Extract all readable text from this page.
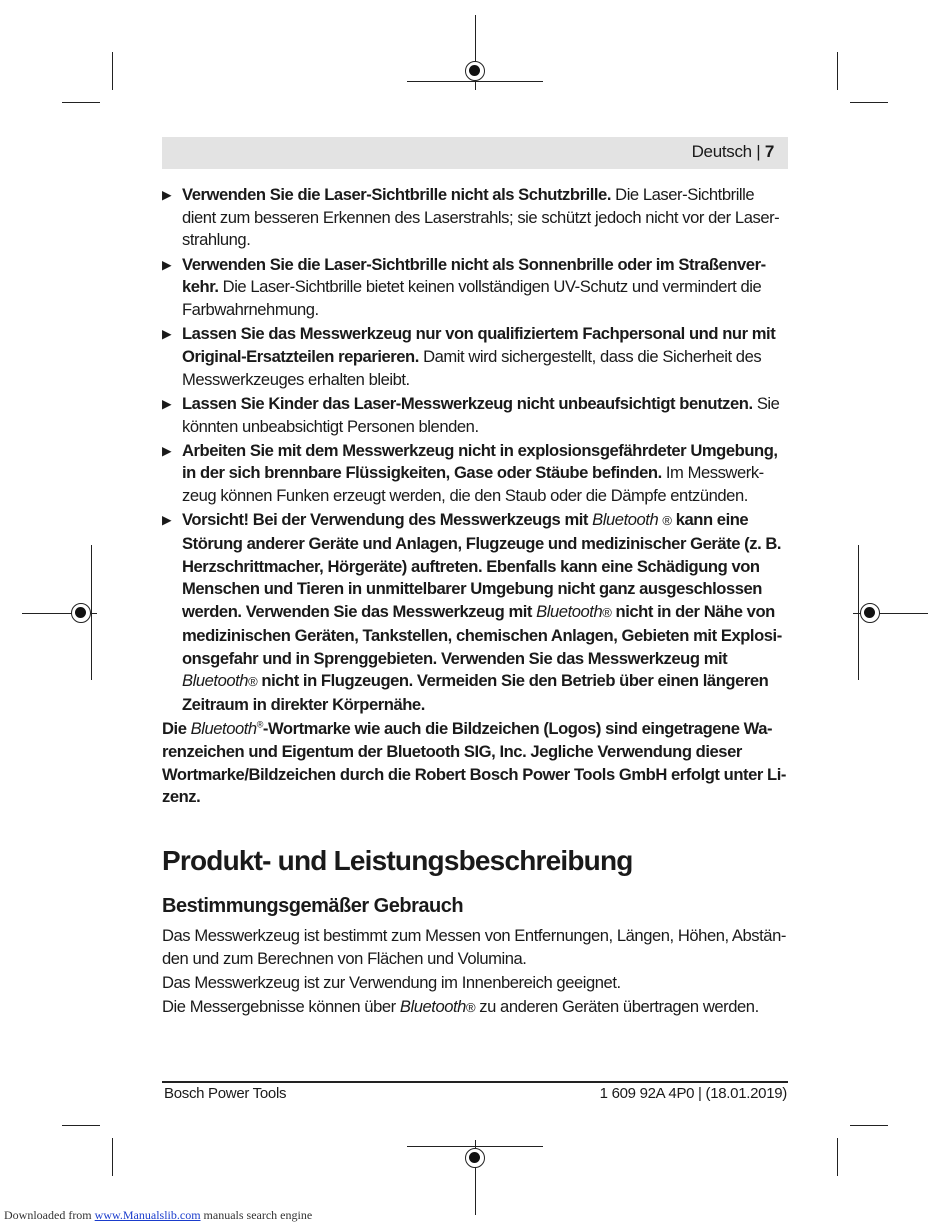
Deutsch | 7
▶ Verwenden Sie die Laser-Sichtbrille nicht als Schutzbrille. Die Laser-Sichtbrille dient zum besseren Erkennen des Laserstrahls; sie schützt jedoch nicht vor der Laserstrahlung.
▶ Verwenden Sie die Laser-Sichtbrille nicht als Sonnenbrille oder im Straßenverkehr. Die Laser-Sichtbrille bietet keinen vollständigen UV-Schutz und vermindert die Farbwahrnehmung.
▶ Lassen Sie das Messwerkzeug nur von qualifiziertem Fachpersonal und nur mit Original-Ersatzteilen reparieren. Damit wird sichergestellt, dass die Sicherheit des Messwerkzeuges erhalten bleibt.
▶ Lassen Sie Kinder das Laser-Messwerkzeug nicht unbeaufsichtigt benutzen. Sie könnten unbeabsichtigt Personen blenden.
▶ Arbeiten Sie mit dem Messwerkzeug nicht in explosionsgefährdeter Umgebung, in der sich brennbare Flüssigkeiten, Gase oder Stäube befinden. Im Messwerkzeug können Funken erzeugt werden, die den Staub oder die Dämpfe entzünden.
▶ Vorsicht! Bei der Verwendung des Messwerkzeugs mit Bluetooth ® kann eine Störung anderer Geräte und Anlagen, Flugzeuge und medizinischer Geräte (z. B. Herzschrittmacher, Hörgeräte) auftreten. Ebenfalls kann eine Schädigung von Menschen und Tieren in unmittelbarer Umgebung nicht ganz ausgeschlossen werden. Verwenden Sie das Messwerkzeug mit Bluetooth® nicht in der Nähe von medizinischen Geräten, Tankstellen, chemischen Anlagen, Gebieten mit Explosionsgefahr und in Sprenggebieten. Verwenden Sie das Messwerkzeug mit
Bluetooth® nicht in Flugzeugen. Vermeiden Sie den Betrieb über einen längeren Zeitraum in direkter Körpernähe.
Die Bluetooth®-Wortmarke wie auch die Bildzeichen (Logos) sind eingetragene Warenzeichen und Eigentum der Bluetooth SIG, Inc. Jegliche Verwendung dieser Wortmarke/Bildzeichen durch die Robert Bosch Power Tools GmbH erfolgt unter Lizenz.
Produkt- und Leistungsbeschreibung
Bestimmungsgemäßer Gebrauch
Das Messwerkzeug ist bestimmt zum Messen von Entfernungen, Längen, Höhen, Abständen und zum Berechnen von Flächen und Volumina.
Das Messwerkzeug ist zur Verwendung im Innenbereich geeignet.
Die Messergebnisse können über Bluetooth® zu anderen Geräten übertragen werden.
Bosch Power Tools	1 609 92A 4P0 | (18.01.2019)
Downloaded from www.Manualslib.com manuals search engine
